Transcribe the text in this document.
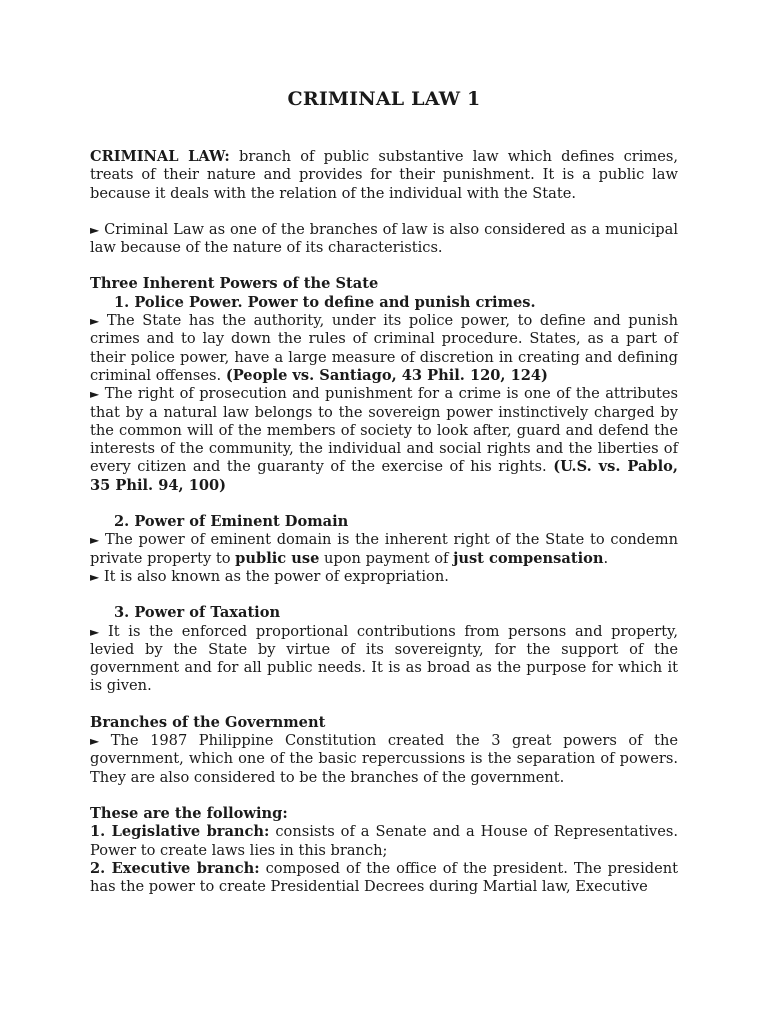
CRIMINAL LAW 1

CRIMINAL LAW: branch of public substantive law which defines crimes, treats of their nature and provides for their punishment. It is a public law because it deals with the relation of the individual with the State.

► Criminal Law as one of the branches of law is also considered as a municipal law because of the nature of its characteristics.

Three Inherent Powers of the State

1. Police Power. Power to define and punish crimes.

► The State has the authority, under its police power, to define and punish crimes and to lay down the rules of criminal procedure. States, as a part of their police power, have a large measure of discretion in creating and defining criminal offenses. (People vs. Santiago, 43 Phil. 120, 124)

► The right of prosecution and punishment for a crime is one of the attributes that by a natural law belongs to the sovereign power instinctively charged by the common will of the members of society to look after, guard and defend the interests of the community, the individual and social rights and the liberties of every citizen and the guaranty of the exercise of his rights. (U.S. vs. Pablo, 35 Phil. 94, 100)

2. Power of Eminent Domain

► The power of eminent domain is the inherent right of the State to condemn private property to public use upon payment of just compensation.

► It is also known as the power of expropriation.

3. Power of Taxation

► It is the enforced proportional contributions from persons and property, levied by the State by virtue of its sovereignty, for the support of the government and for all public needs. It is as broad as the purpose for which it is given.

Branches of the Government

► The 1987 Philippine Constitution created the 3 great powers of the government, which one of the basic repercussions is the separation of powers. They are also considered to be the branches of the government.

These are the following:

1. Legislative branch: consists of a Senate and a House of Representatives. Power to create laws lies in this branch;

2. Executive branch: composed of the office of the president. The president has the power to create Presidential Decrees during Martial law, Executive
